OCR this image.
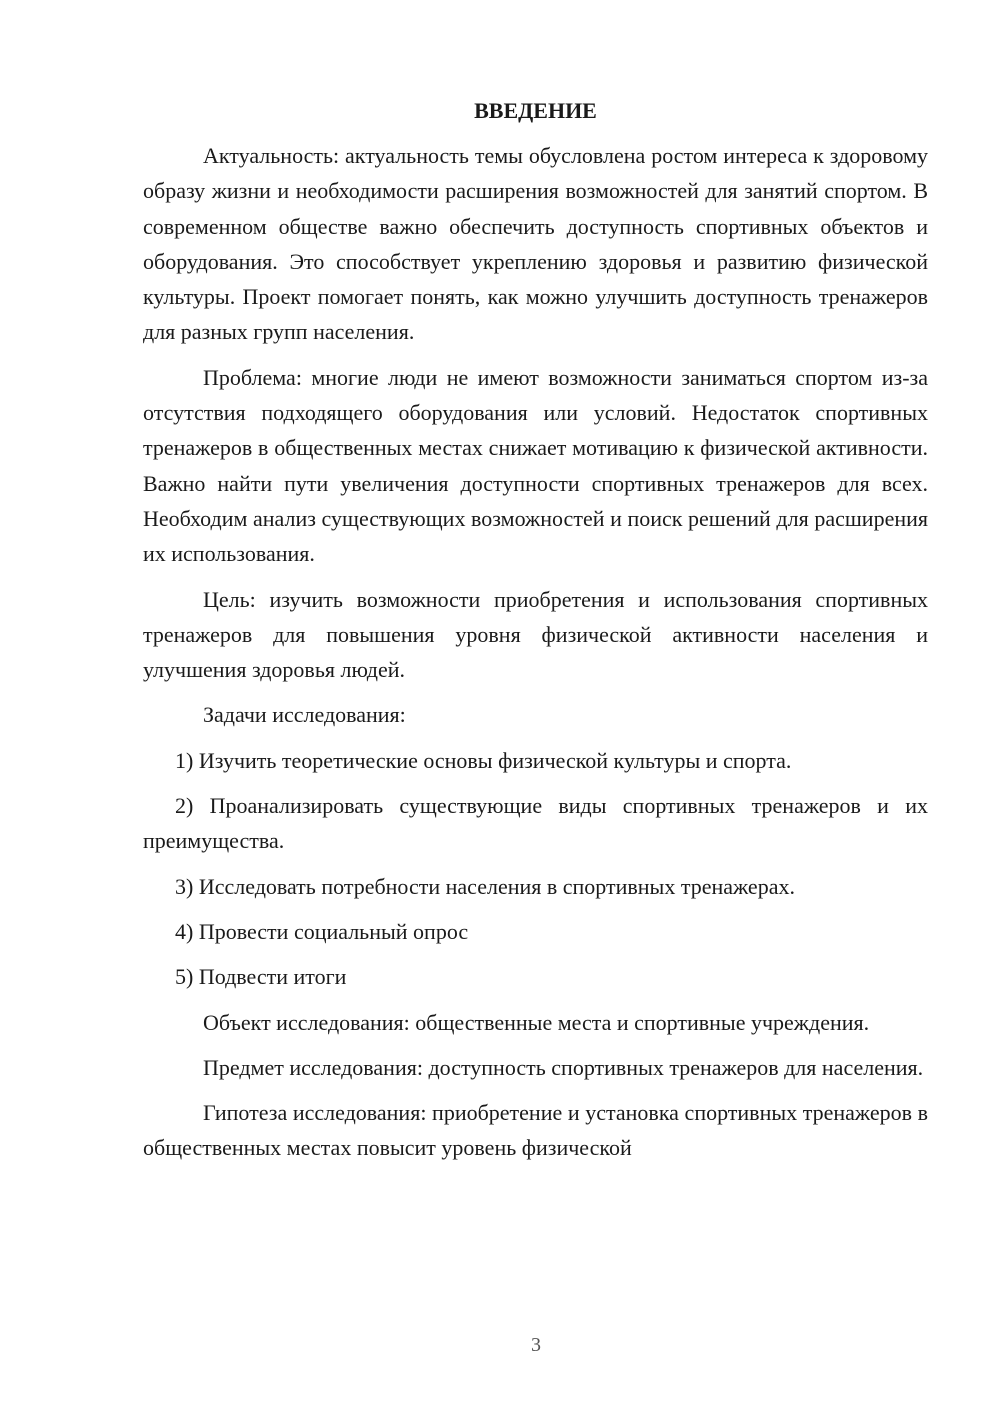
ВВЕДЕНИЕ

Актуальность: актуальность темы обусловлена ростом интереса к здоровому образу жизни и необходимости расширения возможностей для занятий спортом. В современном обществе важно обеспечить доступность спортивных объектов и оборудования. Это способствует укреплению здоровья и развитию физической культуры. Проект помогает понять, как можно улучшить доступность тренажеров для разных групп населения.

Проблема: многие люди не имеют возможности заниматься спортом из-за отсутствия подходящего оборудования или условий. Недостаток спортивных тренажеров в общественных местах снижает мотивацию к физической активности. Важно найти пути увеличения доступности спортивных тренажеров для всех. Необходим анализ существующих возможностей и поиск решений для расширения их использования.

Цель: изучить возможности приобретения и использования спортивных тренажеров для повышения уровня физической активности населения и улучшения здоровья людей.

Задачи исследования:

1) Изучить теоретические основы физической культуры и спорта.

2) Проанализировать существующие виды спортивных тренажеров и их преимущества.

3) Исследовать потребности населения в спортивных тренажерах.

4) Провести социальный опрос

5) Подвести итоги

Объект исследования: общественные места и спортивные учреждения.

Предмет исследования: доступность спортивных тренажеров для населения.

Гипотеза исследования: приобретение и установка спортивных тренажеров в общественных местах повысит уровень физической

3
